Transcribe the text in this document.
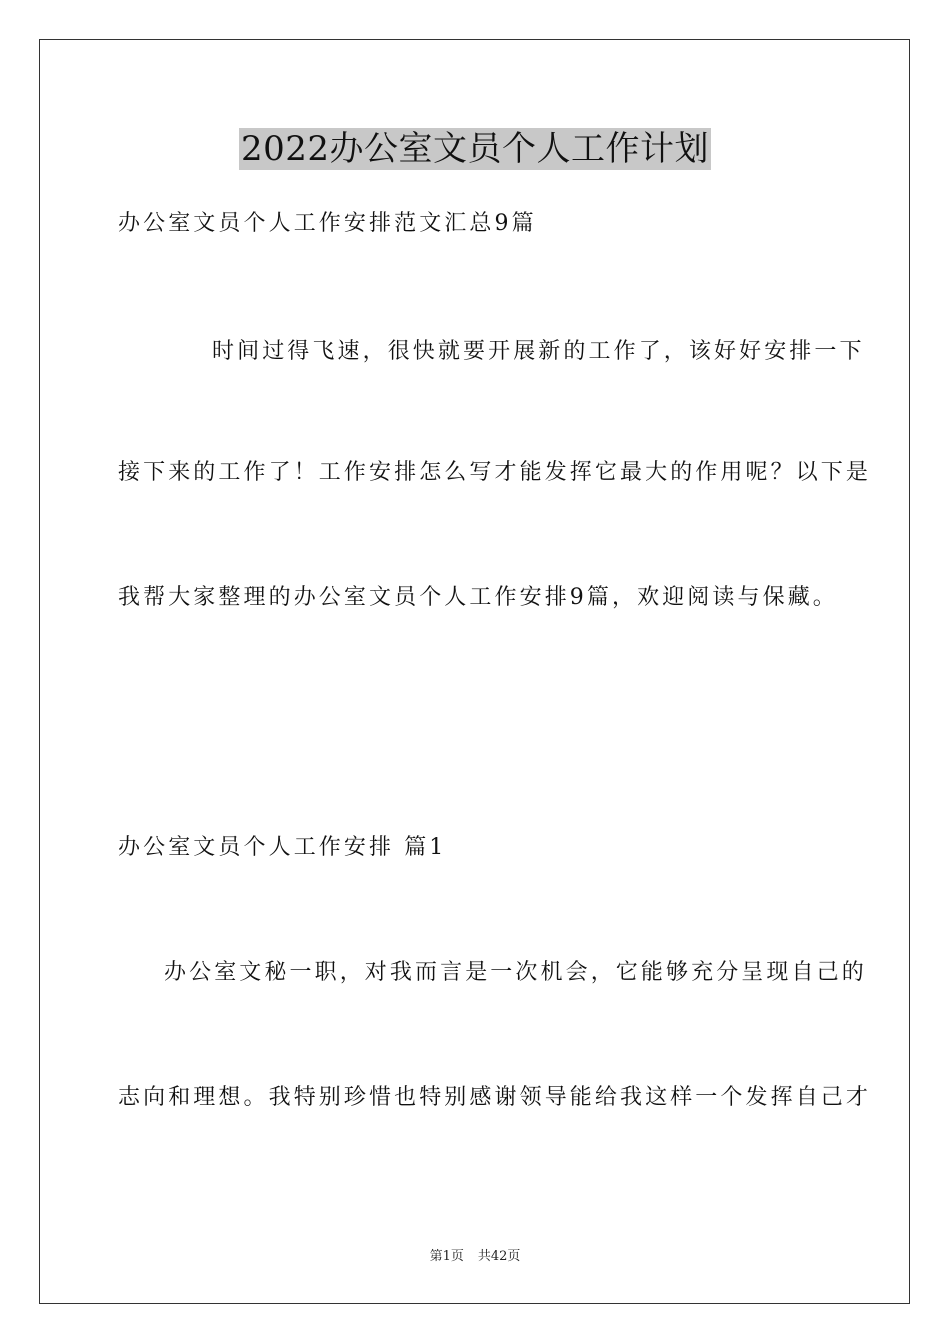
2022办公室文员个人工作计划
办公室文员个人工作安排范文汇总9篇
时间过得飞速，很快就要开展新的工作了，该好好安排一下
接下来的工作了！工作安排怎么写才能发挥它最大的作用呢？以下是
我帮大家整理的办公室文员个人工作安排9篇，欢迎阅读与保藏。
办公室文员个人工作安排 篇1
办公室文秘一职，对我而言是一次机会，它能够充分呈现自己的
志向和理想。我特别珍惜也特别感谢领导能给我这样一个发挥自己才
第1页 共42页
